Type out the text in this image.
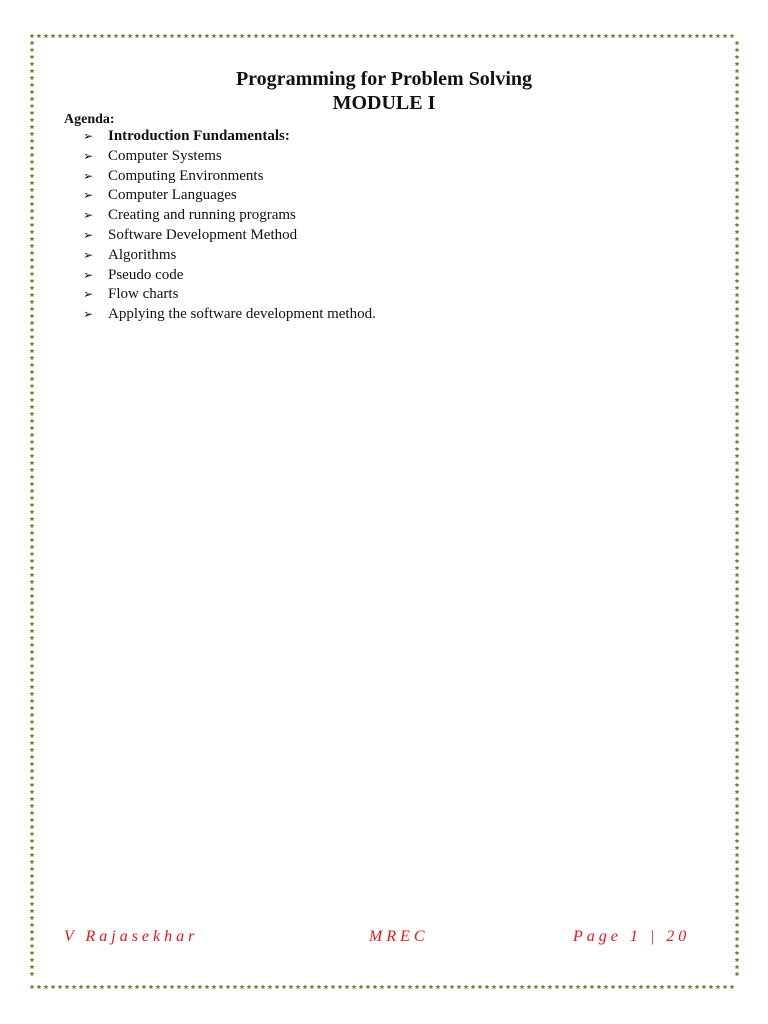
Programming for Problem Solving
MODULE I
Agenda:
➢ Introduction Fundamentals:
➢ Computer Systems
➢ Computing Environments
➢ Computer Languages
➢ Creating and running programs
➢ Software Development Method
➢ Algorithms
➢ Pseudo code
➢ Flow charts
➢ Applying the software development method.
V Rajasekhar	MREC	Page 1 | 20
